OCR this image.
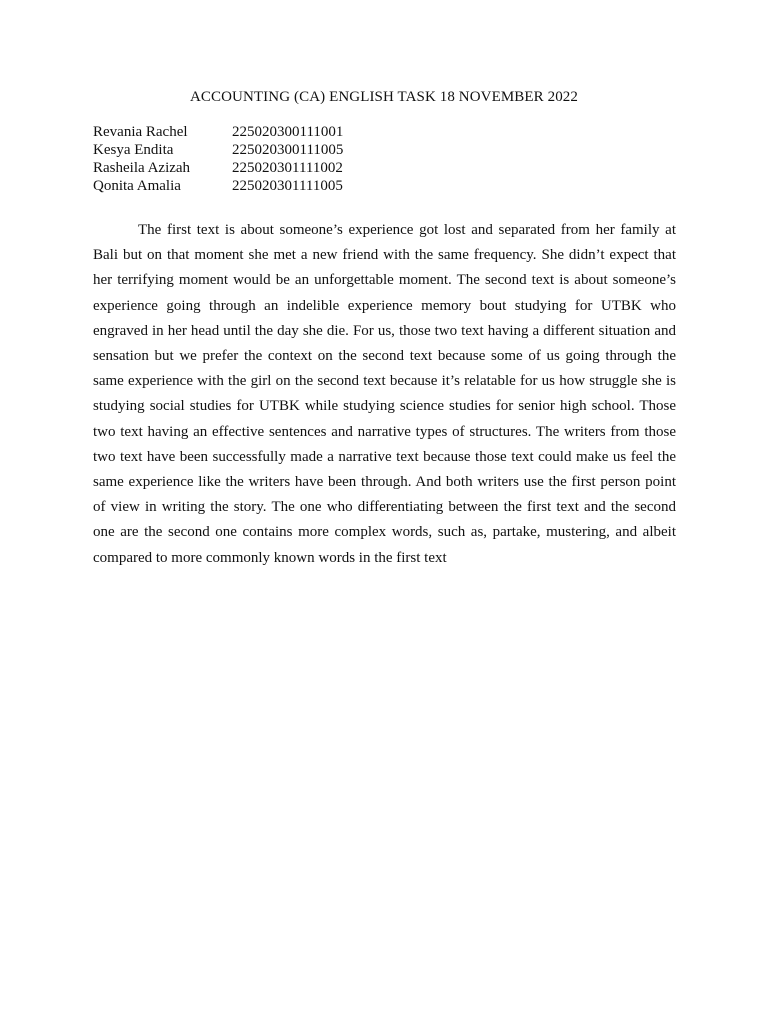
ACCOUNTING (CA) ENGLISH TASK 18 NOVEMBER 2022
Revania Rachel	225020300111001
Kesya Endita	225020300111005
Rasheila Azizah	225020301111002
Qonita Amalia	225020301111005

The first text is about someone’s experience got lost and separated from her family at Bali but on that moment she met a new friend with the same frequency. She didn’t expect that her terrifying moment would be an unforgettable moment. The second text is about someone’s experience going through an indelible experience memory bout studying for UTBK who engraved in her head until the day she die. For us, those two text having a different situation and sensation but we prefer the context on the second text because some of us going through the same experience with the girl on the second text because it’s relatable for us how struggle she is studying social studies for UTBK while studying science studies for senior high school. Those two text having an effective sentences and narrative types of structures. The writers from those two text have been successfully made a narrative text because those text could make us feel the same experience like the writers have been through. And both writers use the first person point of view in writing the story. The one who differentiating between the first text and the second one are the second one contains more complex words, such as, partake, mustering, and albeit compared to more commonly known words in the first text
